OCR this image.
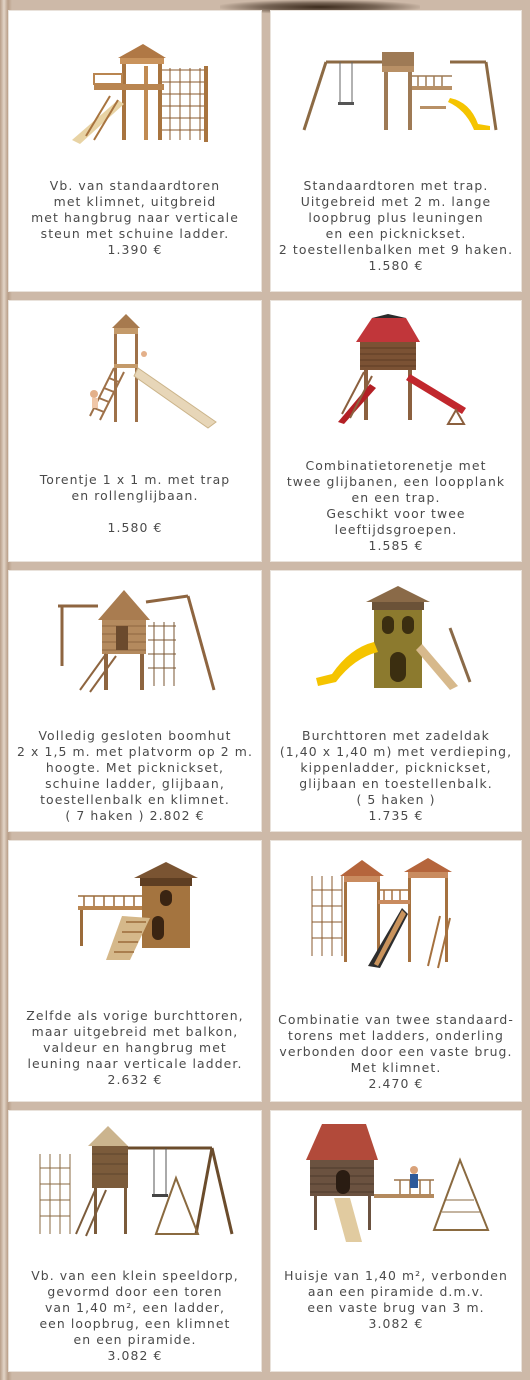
Vb. van standaardtoren
met klimnet, uitgbreid
met hangbrug naar verticale
steun met schuine ladder.
1.390 €
Standaardtoren met trap.
Uitgebreid met 2 m. lange
loopbrug plus leuningen
en een picknickset.
2 toestellenbalken met 9 haken.
1.580 €
Torentje 1 x 1 m. met trap
en rollenglijbaan.

1.580 €
Combinatietorenetje met
twee glijbanen, een loopplank
en een trap.
Geschikt voor twee
leeftijdsgroepen.
1.585 €
Volledig gesloten boomhut
2 x 1,5 m. met platvorm op 2 m.
hoogte. Met picknickset,
schuine ladder, glijbaan,
toestellenbalk en klimnet.
( 7 haken ) 2.802 €
Burchttoren met zadeldak
(1,40 x 1,40 m) met verdieping,
kippenladder, picknickset,
glijbaan en toestellenbalk.
( 5 haken )
1.735 €
Zelfde als vorige burchttoren,
maar uitgebreid met balkon,
valdeur en hangbrug met
leuning naar verticale ladder.
2.632 €
Combinatie van twee standaard-
torens met ladders, onderling
verbonden door een vaste brug.
Met klimnet.
2.470 €
Vb. van een klein speeldorp,
gevormd door een toren
van 1,40 m², een ladder,
een loopbrug, een klimnet
en een piramide.
3.082 €
Huisje van 1,40 m², verbonden
aan een piramide d.m.v.
een vaste brug van 3 m.
3.082 €
